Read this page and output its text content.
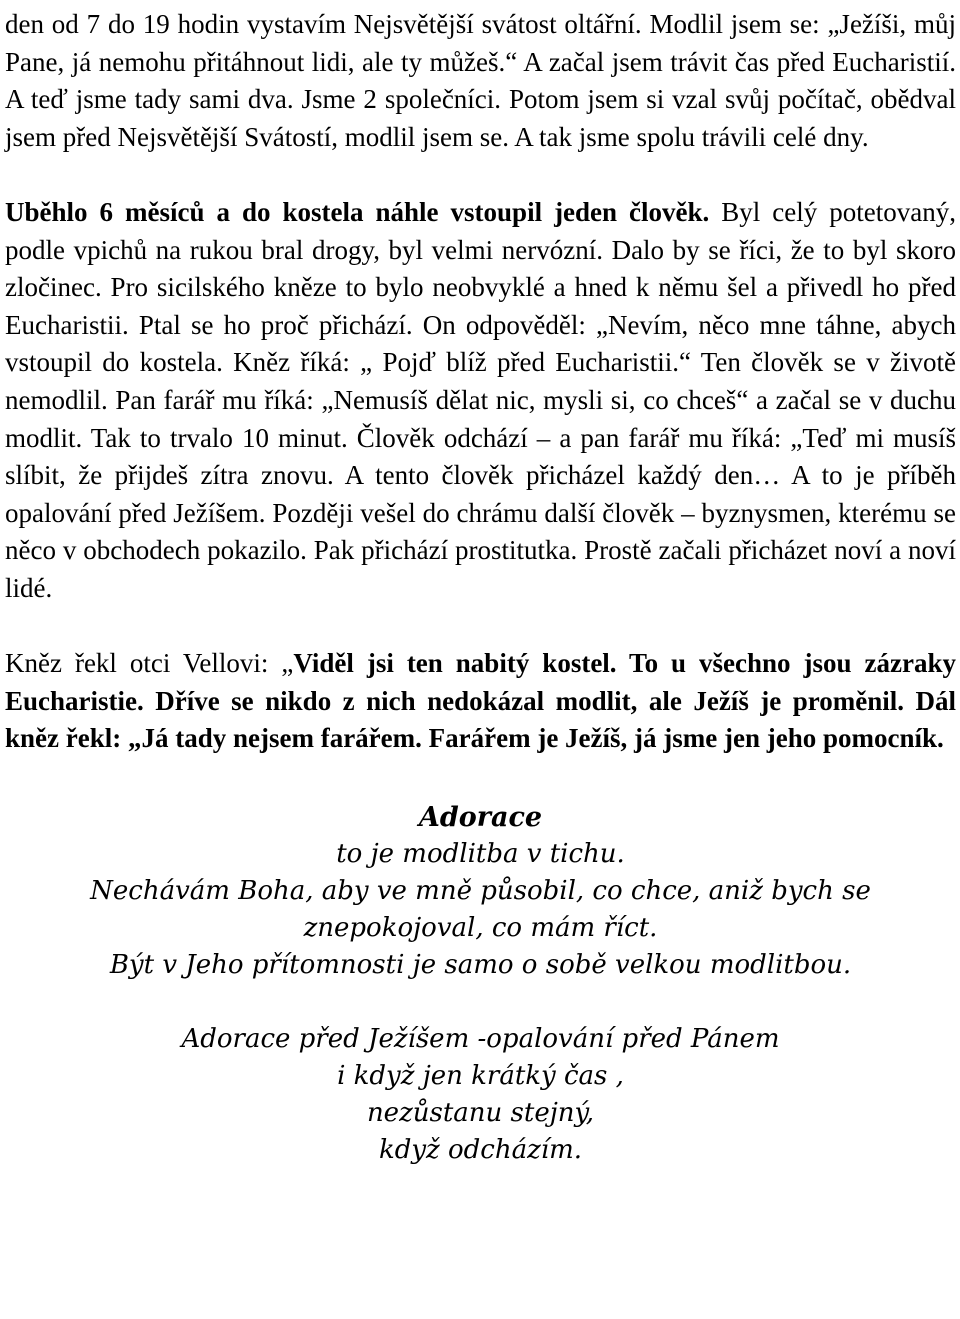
den od 7 do 19 hodin vystavím Nejsvětější svátost oltářní. Modlil jsem se: „Ježíši, můj Pane, já nemohu přitáhnout lidi, ale ty můžeš.“ A začal jsem trávit čas před Eucharistií. A teď jsme tady sami dva. Jsme 2 společníci. Potom jsem si vzal svůj počítač, obědval jsem před Nejsvětější Svátostí, modlil jsem se. A tak jsme spolu trávili celé dny.

Uběhlo 6 měsíců a do kostela náhle vstoupil jeden člověk. Byl celý potetovaný, podle vpichů na rukou bral drogy, byl velmi nervózní. Dalo by se říci, že to byl skoro zločinec. Pro sicilského kněze to bylo neobvyklé a hned k němu šel a přivedl ho před Eucharistii. Ptal se ho proč přichází. On odpověděl: „Nevím, něco mne táhne, abych vstoupil do kostela. Kněz říká: „ Pojď blíž před Eucharistii.“ Ten člověk se v životě nemodlil. Pan farář mu říká: „Nemusíš dělat nic, mysli si, co chceš“ a začal se v duchu modlit. Tak to trvalo 10 minut. Člověk odchází – a pan farář mu říká: „Teď mi musíš slíbit, že přijdeš zítra znovu. A tento člověk přicházel každý den… A to je příběh opalování před Ježíšem. Později vešel do chrámu další člověk – byznysmen, kterému se něco v obchodech pokazilo. Pak přichází prostitutka. Prostě začali přicházet noví a noví lidé.

Kněz řekl otci Vellovi: „Viděl jsi ten nabitý kostel. To u všechno jsou zázraky Eucharistie. Dříve se nikdo z nich nedokázal modlit, ale Ježíš je proměnil. Dál kněz řekl: „Já tady nejsem farářem. Farářem je Ježíš, já jsme jen jeho pomocník.

Adorace

to je modlitba v tichu.
Nechávám Boha, aby ve mně působil, co chce, aniž bych se
znepokojoval, co mám říct.
Být v Jeho přítomnosti je samo o sobě velkou modlitbou.

Adorace před Ježíšem -opalování před Pánem
i když jen krátký čas ,
nezůstanu stejný,
když odcházím.
